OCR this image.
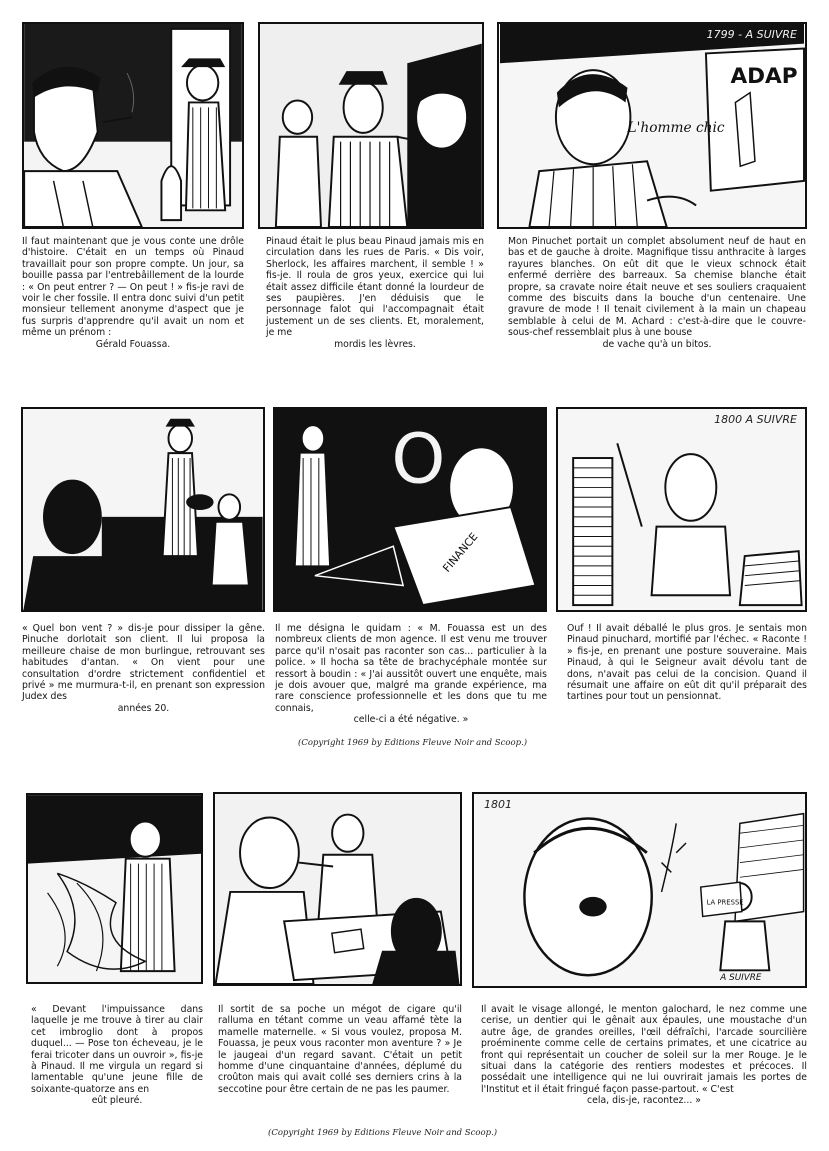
ADAP
L'homme chic
1799 - A SUIVRE

Il faut maintenant que je vous conte une drôle d'histoire. C'était en un temps où Pinaud travaillait pour son propre compte. Un jour, sa bouille passa par l'entrebâillement de la lourde : « On peut entrer ? — On peut ! » fis-je ravi de voir le cher fossile. Il entra donc suivi d'un petit monsieur tellement anonyme d'aspect que je fus surpris d'apprendre qu'il avait un nom et même un prénom :
Gérald Fouassa.

Pinaud était le plus beau Pinaud jamais mis en circulation dans les rues de Paris. « Dis voir, Sherlock, les affaires marchent, il semble ! » fis-je. Il roula de gros yeux, exercice qui lui était assez difficile étant donné la lourdeur de ses paupières. J'en déduisis que le personnage falot qui l'accompagnait était justement un de ses clients. Et, moralement, je me
mordis les lèvres.

Mon Pinuchet portait un complet absolument neuf de haut en bas et de gauche à droite. Magnifique tissu anthracite à larges rayures blanches. On eût dit que le vieux schnock était enfermé derrière des barreaux. Sa chemise blanche était propre, sa cravate noire était neuve et ses souliers craquaient comme des biscuits dans la bouche d'un centenaire. Une gravure de mode ! Il tenait civilement à la main un chapeau semblable à celui de M. Achard : c'est-à-dire que le couvre-sous-chef ressemblait plus à une bouse
de vache qu'à un bitos.

O
FINANCE
1800 A SUIVRE

« Quel bon vent ? » dis-je pour dissiper la gêne. Pinuche dorlotait son client. Il lui proposa la meilleure chaise de mon burlingue, retrouvant ses habitudes d'antan. « On vient pour une consultation d'ordre strictement confidentiel et privé » me murmura-t-il, en prenant son expression Judex des
années 20.

Il me désigna le quidam : « M. Fouassa est un des nombreux clients de mon agence. Il est venu me trouver parce qu'il n'osait pas raconter son cas... particulier à la police. » Il hocha sa tête de brachycéphale montée sur ressort à boudin : « J'ai aussitôt ouvert une enquête, mais je dois avouer que, malgré ma grande expérience, ma rare conscience professionnelle et les dons que tu me connais,
celle-ci a été négative. »

Ouf ! Il avait déballé le plus gros. Je sentais mon Pinaud pinuchard, mortifié par l'échec. « Raconte ! » fis-je, en prenant une posture souveraine. Mais Pinaud, à qui le Seigneur avait dévolu tant de dons, n'avait pas celui de la concision. Quand il résumait une affaire on eût dit qu'il préparait des tartines pour tout un pensionnat.

(Copyright 1969 by Editions Fleuve Noir and Scoop.)
LA PRESSE
A SUIVRE
1801

« Devant l'impuissance dans laquelle je me trouve à tirer au clair cet imbroglio dont à propos duquel... — Pose ton écheveau, je le ferai tricoter dans un ouvroir », fis-je à Pinaud. Il me virgula un regard si lamentable qu'une jeune fille de soixante-quatorze ans en
eût pleuré.

Il sortit de sa poche un mégot de cigare qu'il ralluma en tétant comme un veau affamé tète la mamelle maternelle. « Si vous voulez, proposa M. Fouassa, je peux vous raconter mon aventure ? » Je le jaugeai d'un regard savant. C'était un petit homme d'une cinquantaine d'années, déplumé du croûton mais qui avait collé ses derniers crins à la seccotine pour être certain de ne pas les paumer.

Il avait le visage allongé, le menton galochard, le nez comme une cerise, un dentier qui le gênait aux épaules, une moustache d'un autre âge, de grandes oreilles, l'œil défraîchi, l'arcade sourcilière proéminente comme celle de certains primates, et une cicatrice au front qui représentait un coucher de soleil sur la mer Rouge. Je le situai dans la catégorie des rentiers modestes et précoces. Il possédait une intelligence qui ne lui ouvrirait jamais les portes de l'Institut et il était fringué façon passe-partout. « C'est
cela, dis-je, racontez... »

(Copyright 1969 by Editions Fleuve Noir and Scoop.)
